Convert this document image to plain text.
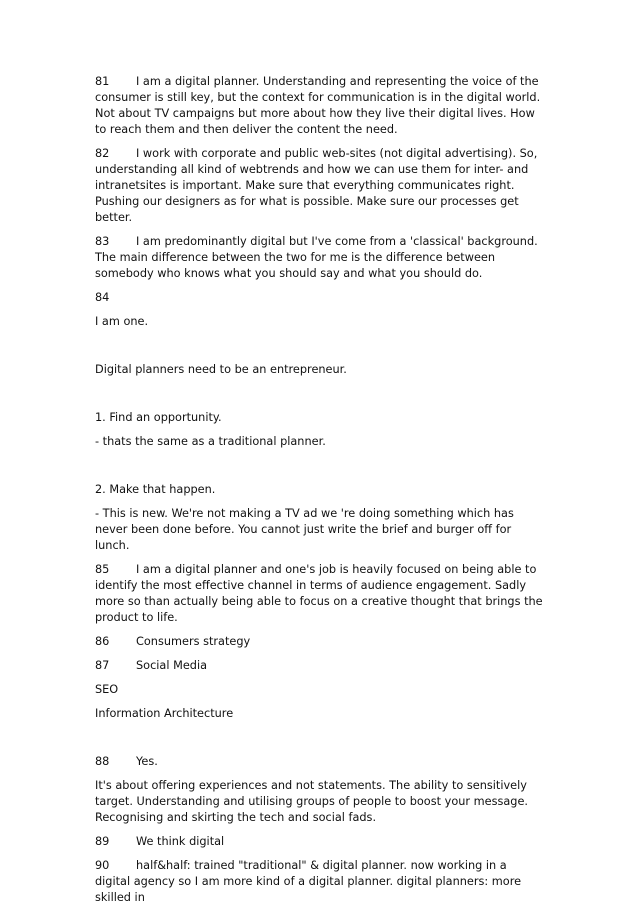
81 I am a digital planner. Understanding and representing the voice of the consumer is still key, but the context for communication is in the digital world. Not about TV campaigns but more about how they live their digital lives. How to reach them and then deliver the content the need.

82 I work with corporate and public web-sites (not digital advertising). So, understanding all kind of webtrends and how we can use them for inter- and intranetsites is important. Make sure that everything communicates right. Pushing our designers as for what is possible. Make sure our processes get better.

83 I am predominantly digital but I've come from a 'classical' background. The main difference between the two for me is the difference between somebody who knows what you should say and what you should do.

84

I am one.

Digital planners need to be an entrepreneur.

1. Find an opportunity.

- thats the same as a traditional planner.

2. Make that happen.

- This is new. We're not making a TV ad we 're doing something which has never been done before. You cannot just write the brief and burger off for lunch.

85 I am a digital planner and one's job is heavily focused on being able to identify the most effective channel in terms of audience engagement. Sadly more so than actually being able to focus on a creative thought that brings the product to life.

86 Consumers strategy

87 Social Media

SEO

Information Architecture

88 Yes.

It's about offering experiences and not statements. The ability to sensitively target. Understanding and utilising groups of people to boost your message. Recognising and skirting the tech and social fads.

89 We think digital

90 half&half: trained "traditional" & digital planner. now working in a digital agency so I am more kind of a digital planner. digital planners: more skilled in
